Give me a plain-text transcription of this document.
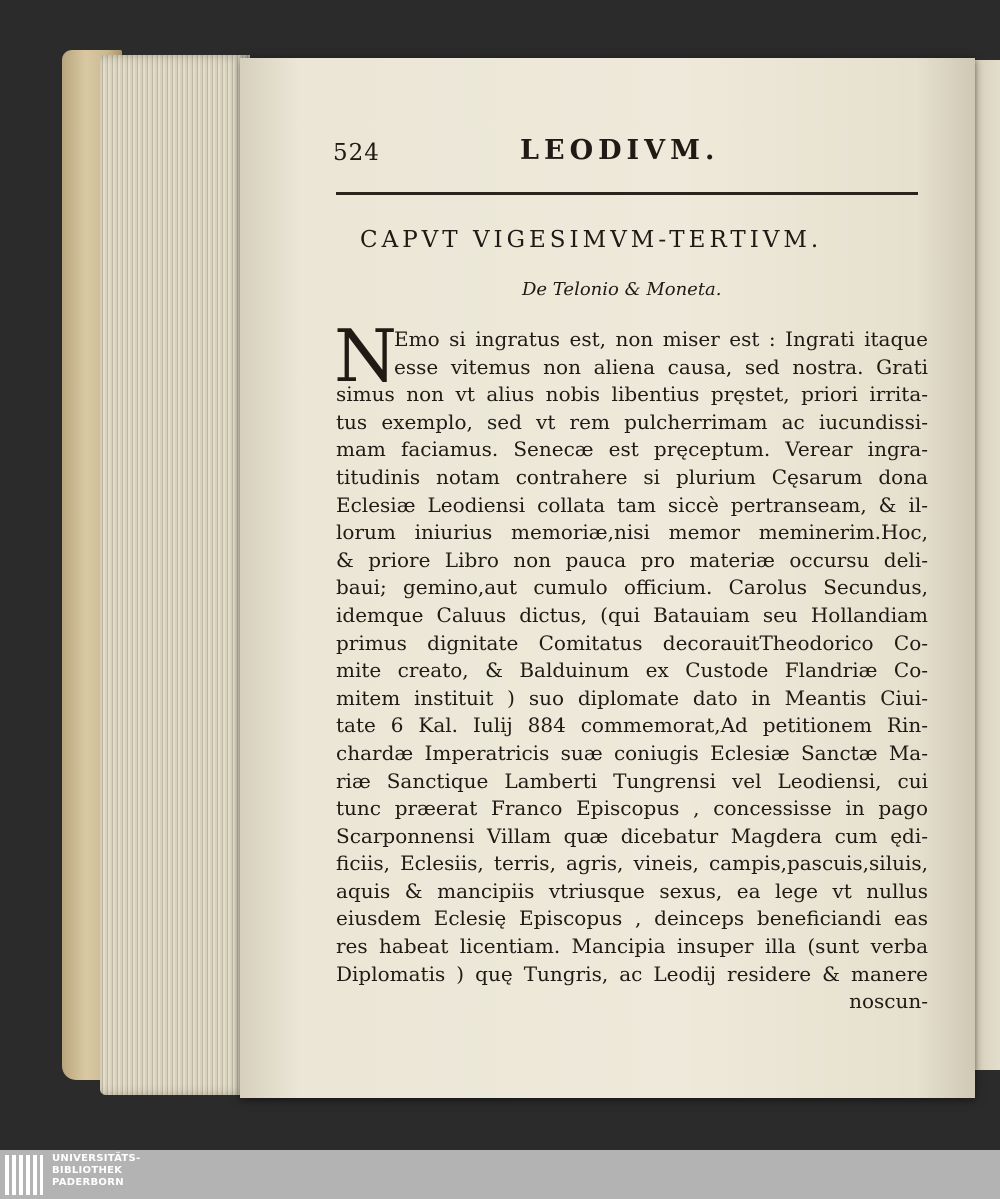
524	LEODIVM.
CAPVT VIGESIMVM-TERTIVM.
De Telonio & Moneta.
N
Emo si ingratus est, non miser est : Ingrati itaque
esse vitemus non aliena causa, sed nostra. Grati
simus non vt alius nobis libentius pręstet, priori irrita-
tus exemplo, sed vt rem pulcherrimam ac iucundissi-
mam faciamus. Senecæ est pręceptum. Verear ingra-
titudinis notam contrahere si plurium Cęsarum dona
Eclesiæ Leodiensi collata tam siccè pertranseam, & il-
lorum iniurius memoriæ,nisi memor meminerim.Hoc,
& priore Libro non pauca pro materiæ occursu deli-
baui; gemino,aut cumulo officium. Carolus Secundus,
idemque Caluus dictus, (qui Batauiam seu Hollandiam
primus dignitate Comitatus decorauitTheodorico Co-
mite creato, & Balduinum ex Custode Flandriæ Co-
mitem instituit ) suo diplomate dato in Meantis Ciui-
tate 6 Kal. Iulij 884 commemorat,Ad petitionem Rin-
chardæ Imperatricis suæ coniugis Eclesiæ Sanctæ Ma-
riæ Sanctique Lamberti Tungrensi vel Leodiensi, cui
tunc præerat Franco Episcopus , concessisse in pago
Scarponnensi Villam quæ dicebatur Magdera cum ędi-
ficiis, Eclesiis, terris, agris, vineis, campis,pascuis,siluis,
aquis & mancipiis vtriusque sexus, ea lege vt nullus
eiusdem Eclesię Episcopus , deinceps beneficiandi eas
res habeat licentiam. Mancipia insuper illa (sunt verba
Diplomatis ) quę Tungris, ac Leodij residere & manere
noscun-
UNIVERSITÄTS-
BIBLIOTHEK
PADERBORN
